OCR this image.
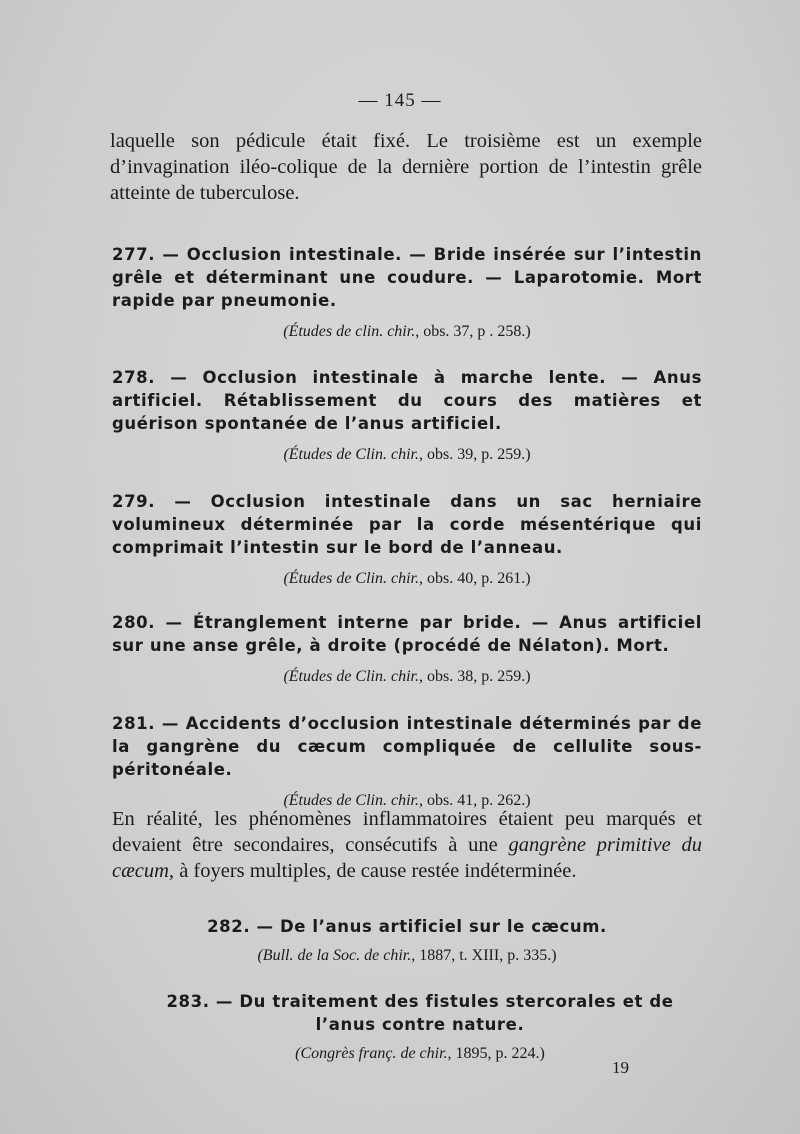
— 145 —

laquelle son pédicule était fixé. Le troisième est un exemple d’invagination iléo-colique de la dernière portion de l’intestin grêle atteinte de tuberculose.

277. — Occlusion intestinale. — Bride insérée sur l’intestin grêle et déterminant une coudure. — Laparotomie. Mort rapide par pneumonie.

(Études de clin. chir., obs. 37, p . 258.)

278. — Occlusion intestinale à marche lente. — Anus artificiel. Rétablissement du cours des matières et guérison spontanée de l’anus artificiel.

(Études de Clin. chir., obs. 39, p. 259.)

279. — Occlusion intestinale dans un sac herniaire volumineux déterminée par la corde mésentérique qui comprimait l’intestin sur le bord de l’anneau.

(Études de Clin. chir., obs. 40, p. 261.)

280. — Étranglement interne par bride. — Anus artificiel sur une anse grêle, à droite (procédé de Nélaton). Mort.

(Études de Clin. chir., obs. 38, p. 259.)

281. — Accidents d’occlusion intestinale déterminés par de la gangrène du cæcum compliquée de cellulite sous-péritonéale.

(Études de Clin. chir., obs. 41, p. 262.)

En réalité, les phénomènes inflammatoires étaient peu marqués et devaient être secondaires, consécutifs à une gangrène primitive du cæcum, à foyers multiples, de cause restée indéterminée.

282. — De l’anus artificiel sur le cæcum.

(Bull. de la Soc. de chir., 1887, t. XIII, p. 335.)

283. — Du traitement des fistules stercorales et de l’anus contre nature.

(Congrès franç. de chir., 1895, p. 224.)

19
